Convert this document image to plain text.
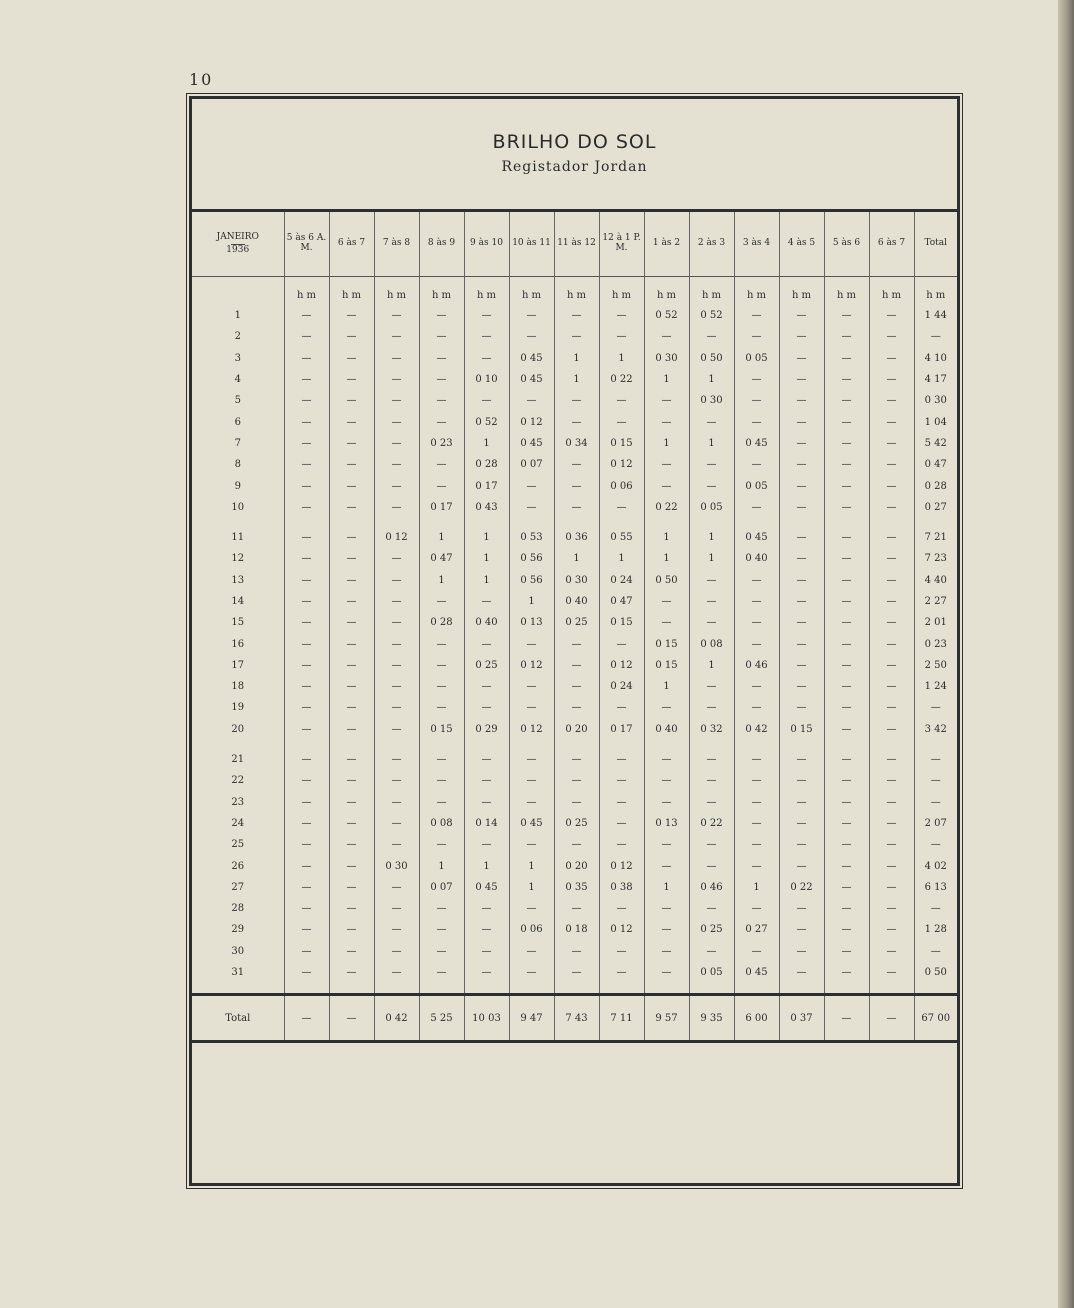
10
BRILHO DO SOL
Registador Jordan
JANEIRO
1936	5 às 6 A. M.	6 às 7	7 às 8	8 às 9	9 às 10	10 às 11	11 às 12	12 à 1 P. M.	1 às 2	2 às 3	3 às 4	4 às 5	5 às 6	6 às 7	Total
	h m	h m	h m	h m	h m	h m	h m	h m	h m	h m	h m	h m	h m	h m	h m
1	—	—	—	—	—	—	—	—	0 52	0 52	—	—	—	—	1 44
2	—	—	—	—	—	—	—	—	—	—	—	—	—	—	—
3	—	—	—	—	—	0 45	1	1	0 30	0 50	0 05	—	—	—	4 10
4	—	—	—	—	0 10	0 45	1	0 22	1	1	—	—	—	—	4 17
5	—	—	—	—	—	—	—	—	—	0 30	—	—	—	—	0 30
6	—	—	—	—	0 52	0 12	—	—	—	—	—	—	—	—	1 04
7	—	—	—	0 23	1	0 45	0 34	0 15	1	1	0 45	—	—	—	5 42
8	—	—	—	—	0 28	0 07	—	0 12	—	—	—	—	—	—	0 47
9	—	—	—	—	0 17	—	—	0 06	—	—	0 05	—	—	—	0 28
10	—	—	—	0 17	0 43	—	—	—	0 22	0 05	—	—	—	—	0 27

11	—	—	0 12	1	1	0 53	0 36	0 55	1	1	0 45	—	—	—	7 21
12	—	—	—	0 47	1	0 56	1	1	1	1	0 40	—	—	—	7 23
13	—	—	—	1	1	0 56	0 30	0 24	0 50	—	—	—	—	—	4 40
14	—	—	—	—	—	1	0 40	0 47	—	—	—	—	—	—	2 27
15	—	—	—	0 28	0 40	0 13	0 25	0 15	—	—	—	—	—	—	2 01
16	—	—	—	—	—	—	—	—	0 15	0 08	—	—	—	—	0 23
17	—	—	—	—	0 25	0 12	—	0 12	0 15	1	0 46	—	—	—	2 50
18	—	—	—	—	—	—	—	0 24	1	—	—	—	—	—	1 24
19	—	—	—	—	—	—	—	—	—	—	—	—	—	—	—
20	—	—	—	0 15	0 29	0 12	0 20	0 17	0 40	0 32	0 42	0 15	—	—	3 42

21	—	—	—	—	—	—	—	—	—	—	—	—	—	—	—
22	—	—	—	—	—	—	—	—	—	—	—	—	—	—	—
23	—	—	—	—	—	—	—	—	—	—	—	—	—	—	—
24	—	—	—	0 08	0 14	0 45	0 25	—	0 13	0 22	—	—	—	—	2 07
25	—	—	—	—	—	—	—	—	—	—	—	—	—	—	—
26	—	—	0 30	1	1	1	0 20	0 12	—	—	—	—	—	—	4 02
27	—	—	—	0 07	0 45	1	0 35	0 38	1	0 46	1	0 22	—	—	6 13
28	—	—	—	—	—	—	—	—	—	—	—	—	—	—	—
29	—	—	—	—	—	0 06	0 18	0 12	—	0 25	0 27	—	—	—	1 28
30	—	—	—	—	—	—	—	—	—	—	—	—	—	—	—
31	—	—	—	—	—	—	—	—	—	0 05	0 45	—	—	—	0 50

Total	—	—	0 42	5 25	10 03	9 47	7 43	7 11	9 57	9 35	6 00	0 37	—	—	67 00
